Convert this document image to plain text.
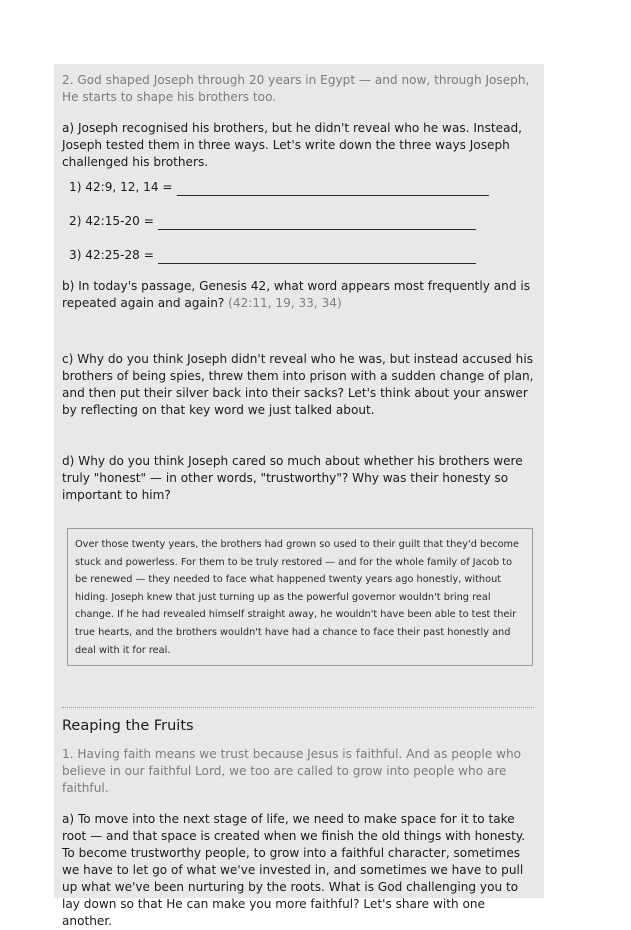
2. God shaped Joseph through 20 years in Egypt — and now, through Joseph, He starts to shape his brothers too.

a) Joseph recognised his brothers, but he didn't reveal who he was. Instead, Joseph tested them in three ways. Let's write down the three ways Joseph challenged his brothers.

1) 42:9, 12, 14 =
2) 42:15-20 =
3) 42:25-28 =

b) In today's passage, Genesis 42, what word appears most frequently and is repeated again and again? (42:11, 19, 33, 34)

c) Why do you think Joseph didn't reveal who he was, but instead accused his brothers of being spies, threw them into prison with a sudden change of plan, and then put their silver back into their sacks? Let's think about your answer by reflecting on that key word we just talked about.

d) Why do you think Joseph cared so much about whether his brothers were truly "honest" — in other words, "trustworthy"? Why was their honesty so important to him?

Over those twenty years, the brothers had grown so used to their guilt that they'd become stuck and powerless. For them to be truly restored — and for the whole family of Jacob to be renewed — they needed to face what happened twenty years ago honestly, without hiding. Joseph knew that just turning up as the powerful governor wouldn't bring real change. If he had revealed himself straight away, he wouldn't have been able to test their true hearts, and the brothers wouldn't have had a chance to face their past honestly and deal with it for real.

Reaping the Fruits

1. Having faith means we trust because Jesus is faithful. And as people who believe in our faithful Lord, we too are called to grow into people who are faithful.

a) To move into the next stage of life, we need to make space for it to take root — and that space is created when we finish the old things with honesty. To become trustworthy people, to grow into a faithful character, sometimes we have to let go of what we've invested in, and sometimes we have to pull up what we've been nurturing by the roots. What is God challenging you to lay down so that He can make you more faithful? Let's share with one another.
